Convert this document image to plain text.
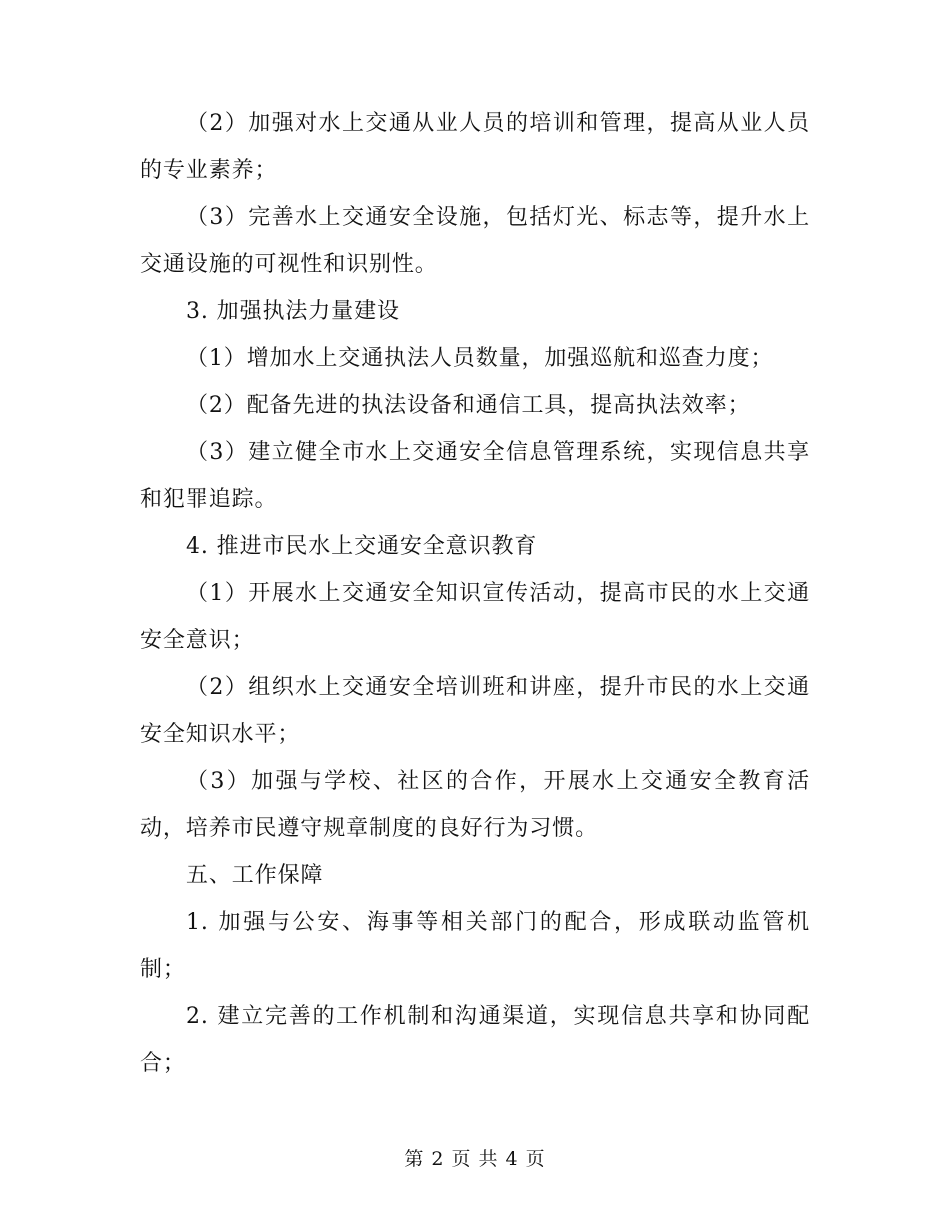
（2）加强对水上交通从业人员的培训和管理，提高从业人员的专业素养；

（3）完善水上交通安全设施，包括灯光、标志等，提升水上交通设施的可视性和识别性。

3. 加强执法力量建设

（1）增加水上交通执法人员数量，加强巡航和巡查力度；

（2）配备先进的执法设备和通信工具，提高执法效率；

（3）建立健全市水上交通安全信息管理系统，实现信息共享和犯罪追踪。

4. 推进市民水上交通安全意识教育

（1）开展水上交通安全知识宣传活动，提高市民的水上交通安全意识；

（2）组织水上交通安全培训班和讲座，提升市民的水上交通安全知识水平；

（3）加强与学校、社区的合作，开展水上交通安全教育活动，培养市民遵守规章制度的良好行为习惯。

五、工作保障

1. 加强与公安、海事等相关部门的配合，形成联动监管机制；

2. 建立完善的工作机制和沟通渠道，实现信息共享和协同配合；

第 2 页 共 4 页
